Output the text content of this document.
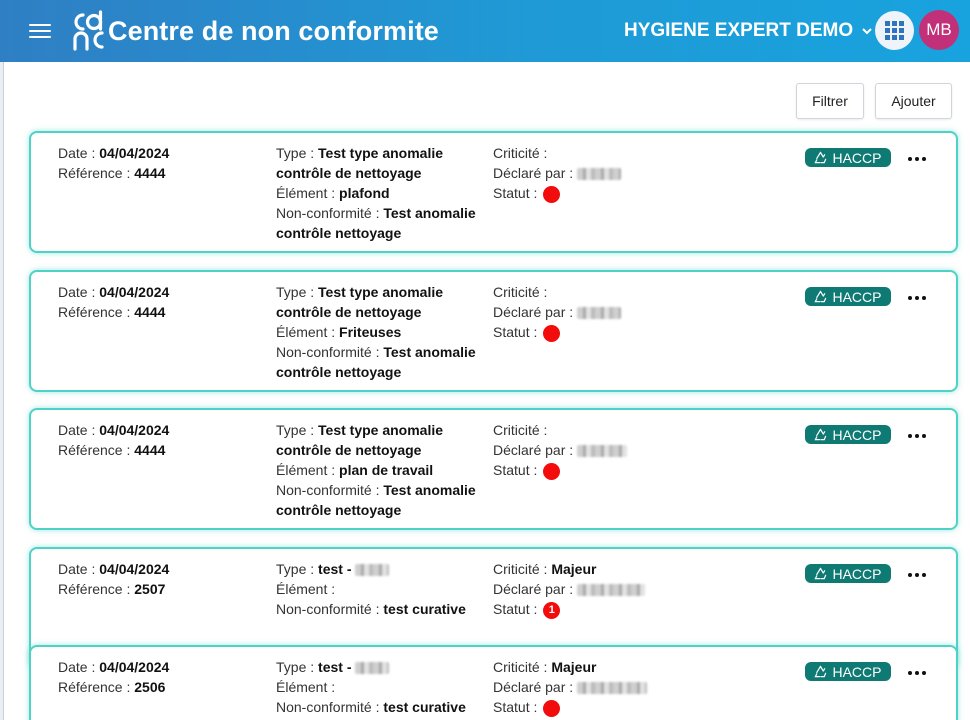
Centre de non conformite	HYGIENE EXPERT DEMO	MB
Filtrer	Ajouter
Date : 04/04/2024
Référence : 4444
Type : Test type anomalie contrôle de nettoyage
Élément : plafond
Non-conformité : Test anomalie contrôle nettoyage
Criticité :
Déclaré par :
Statut :
HACCP
Date : 04/04/2024
Référence : 4444
Type : Test type anomalie contrôle de nettoyage
Élément : Friteuses
Non-conformité : Test anomalie contrôle nettoyage
Criticité :
Déclaré par :
Statut :
HACCP
Date : 04/04/2024
Référence : 4444
Type : Test type anomalie contrôle de nettoyage
Élément : plan de travail
Non-conformité : Test anomalie contrôle nettoyage
Criticité :
Déclaré par :
Statut :
HACCP
Date : 04/04/2024
Référence : 2507
Type : test -
Élément :
Non-conformité : test curative
Criticité : Majeur
Déclaré par :
Statut : 1
HACCP
Date : 04/04/2024
Référence : 2506
Type : test -
Élément :
Non-conformité : test curative
Criticité : Majeur
Déclaré par :
Statut :
HACCP
